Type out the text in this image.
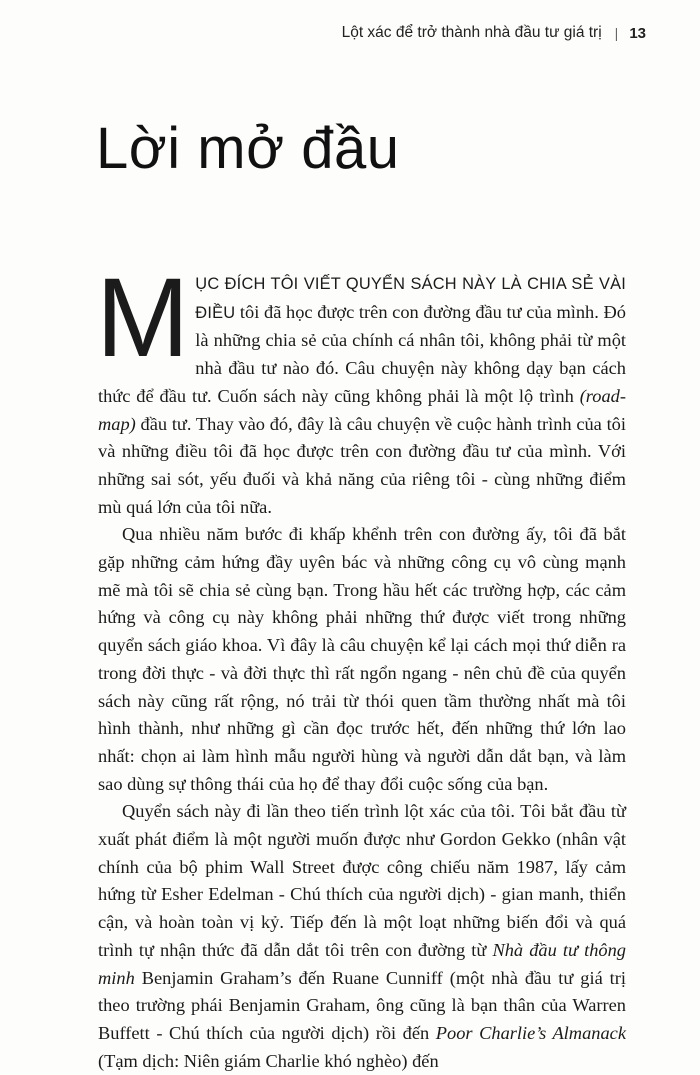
Lột xác để trở thành nhà đầu tư giá trị | 13
Lời mở đầu

MỤC ĐÍCH TÔI VIẾT QUYỂN SÁCH NÀY LÀ CHIA SẺ VÀI ĐIỀU tôi đã học được trên con đường đầu tư của mình. Đó là những chia sẻ của chính cá nhân tôi, không phải từ một nhà đầu tư nào đó. Câu chuyện này không dạy bạn cách thức để đầu tư. Cuốn sách này cũng không phải là một lộ trình (road-map) đầu tư. Thay vào đó, đây là câu chuyện về cuộc hành trình của tôi và những điều tôi đã học được trên con đường đầu tư của mình. Với những sai sót, yếu đuối và khả năng của riêng tôi - cùng những điểm mù quá lớn của tôi nữa.

Qua nhiều năm bước đi khấp khểnh trên con đường ấy, tôi đã bắt gặp những cảm hứng đầy uyên bác và những công cụ vô cùng mạnh mẽ mà tôi sẽ chia sẻ cùng bạn. Trong hầu hết các trường hợp, các cảm hứng và công cụ này không phải những thứ được viết trong những quyển sách giáo khoa. Vì đây là câu chuyện kể lại cách mọi thứ diễn ra trong đời thực - và đời thực thì rất ngổn ngang - nên chủ đề của quyển sách này cũng rất rộng, nó trải từ thói quen tầm thường nhất mà tôi hình thành, như những gì cần đọc trước hết, đến những thứ lớn lao nhất: chọn ai làm hình mẫu người hùng và người dẫn dắt bạn, và làm sao dùng sự thông thái của họ để thay đổi cuộc sống của bạn.

Quyển sách này đi lần theo tiến trình lột xác của tôi. Tôi bắt đầu từ xuất phát điểm là một người muốn được như Gordon Gekko (nhân vật chính của bộ phim Wall Street được công chiếu năm 1987, lấy cảm hứng từ Esher Edelman - Chú thích của người dịch) - gian manh, thiển cận, và hoàn toàn vị kỷ. Tiếp đến là một loạt những biến đổi và quá trình tự nhận thức đã dẫn dắt tôi trên con đường từ Nhà đầu tư thông minh Benjamin Graham’s đến Ruane Cunniff (một nhà đầu tư giá trị theo trường phái Benjamin Graham, ông cũng là bạn thân của Warren Buffett - Chú thích của người dịch) rồi đến Poor Charlie’s Almanack (Tạm dịch: Niên giám Charlie khó nghèo) đến
